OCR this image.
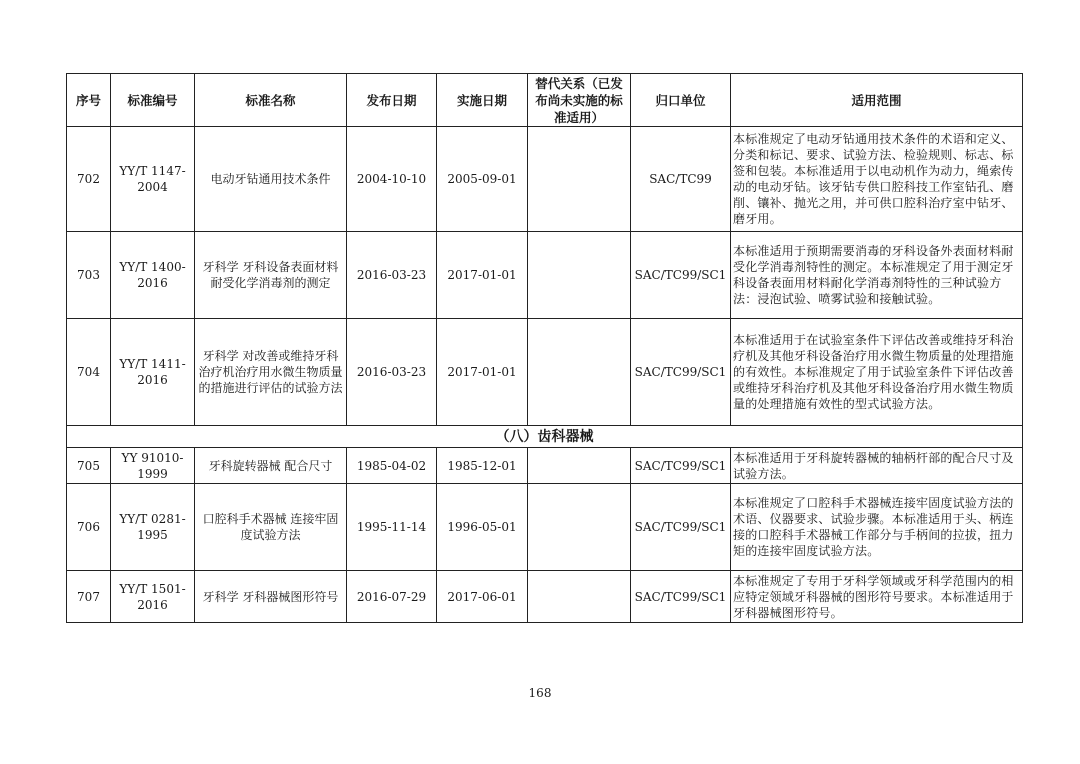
序号	标准编号	标准名称	发布日期	实施日期	替代关系（已发布尚未实施的标准适用）	归口单位	适用范围
702	YY/T 1147-2004	电动牙钻通用技术条件	2004-10-10	2005-09-01		SAC/TC99	本标准规定了电动牙钻通用技术条件的术语和定义、分类和标记、要求、试验方法、检验规则、标志、标签和包装。本标准适用于以电动机作为动力，绳索传动的电动牙钻。该牙钻专供口腔科技工作室钻孔、磨削、镶补、抛光之用，并可供口腔科治疗室中钻牙、磨牙用。
703	YY/T 1400-2016	牙科学 牙科设备表面材料 耐受化学消毒剂的测定	2016-03-23	2017-01-01		SAC/TC99/SC1	本标准适用于预期需要消毒的牙科设备外表面材料耐受化学消毒剂特性的测定。本标准规定了用于测定牙科设备表面用材料耐化学消毒剂特性的三种试验方法：浸泡试验、喷雾试验和接触试验。
704	YY/T 1411-2016	牙科学 对改善或维持牙科治疗机治疗用水微生物质量的措施进行评估的试验方法	2016-03-23	2017-01-01		SAC/TC99/SC1	本标准适用于在试验室条件下评估改善或维持牙科治疗机及其他牙科设备治疗用水微生物质量的处理措施的有效性。本标准规定了用于试验室条件下评估改善或维持牙科治疗机及其他牙科设备治疗用水微生物质量的处理措施有效性的型式试验方法。
（八）齿科器械							
705	YY 91010-1999	牙科旋转器械 配合尺寸	1985-04-02	1985-12-01		SAC/TC99/SC1	本标准适用于牙科旋转器械的轴柄杆部的配合尺寸及试验方法。
706	YY/T 0281-1995	口腔科手术器械 连接牢固度试验方法	1995-11-14	1996-05-01		SAC/TC99/SC1	本标准规定了口腔科手术器械连接牢固度试验方法的术语、仪器要求、试验步骤。本标准适用于头、柄连接的口腔科手术器械工作部分与手柄间的拉拔，扭力矩的连接牢固度试验方法。
707	YY/T 1501-2016	牙科学 牙科器械图形符号	2016-07-29	2017-06-01		SAC/TC99/SC1	本标准规定了专用于牙科学领域或牙科学范围内的相应特定领域牙科器械的图形符号要求。本标准适用于牙科器械图形符号。
168
